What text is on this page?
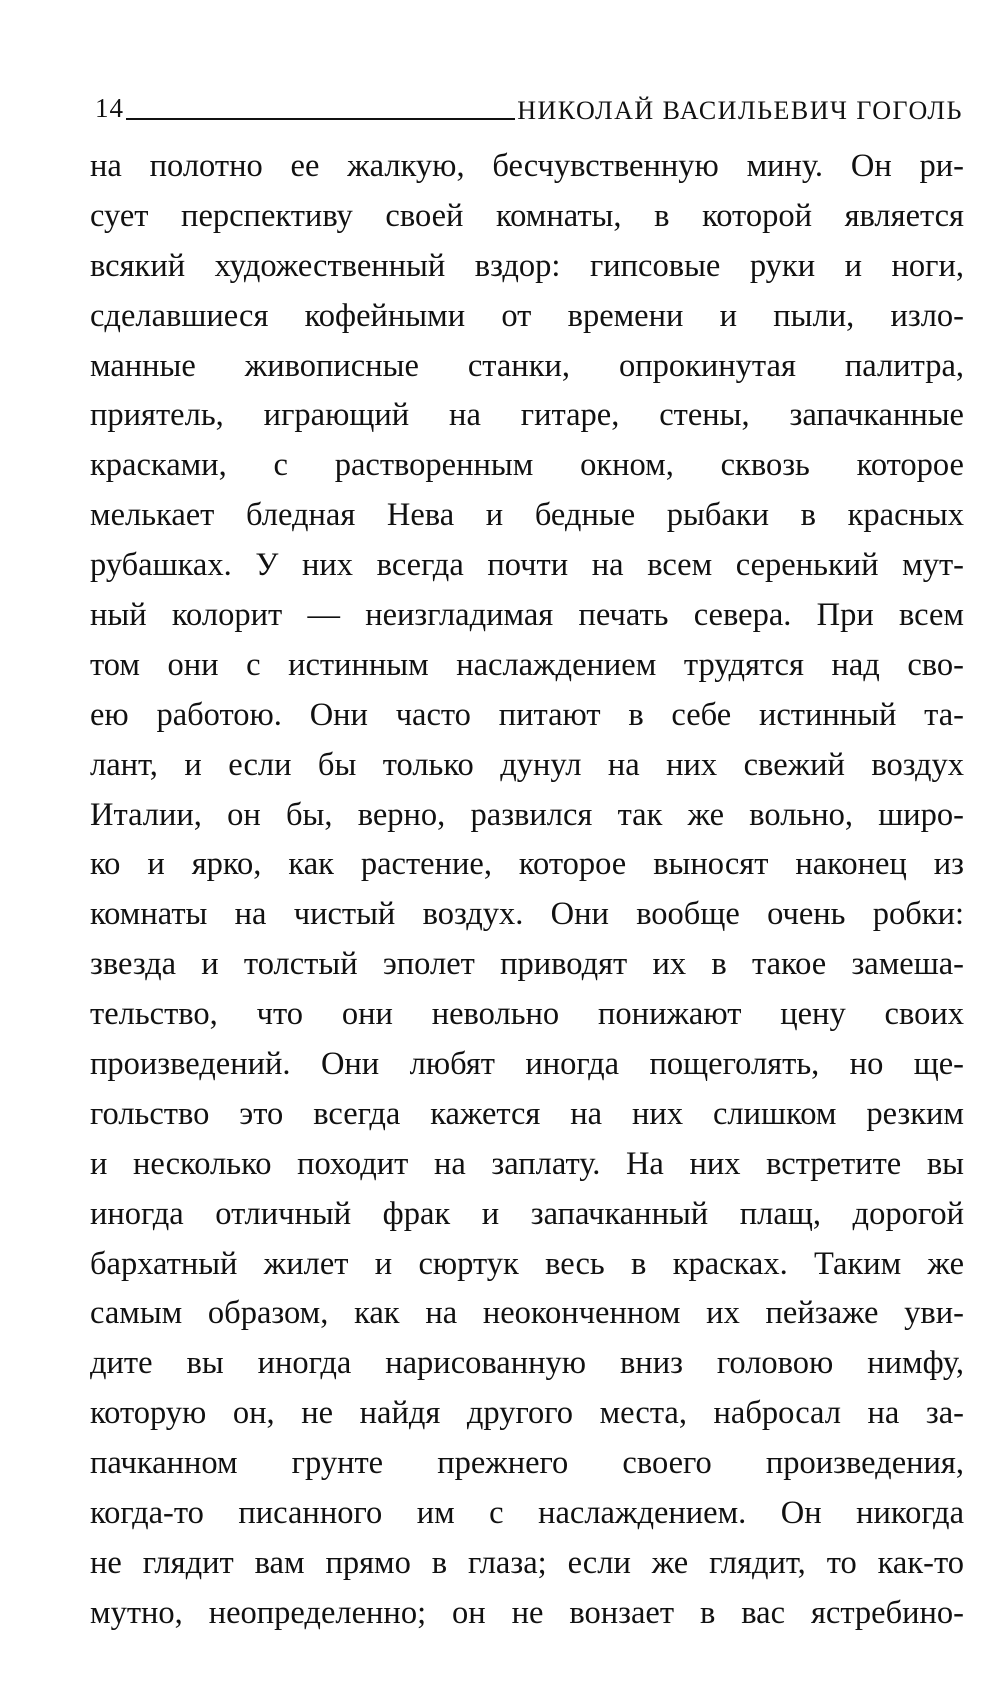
14	НИКОЛАЙ ВАСИЛЬЕВИЧ ГОГОЛЬ
на полотно ее жалкую, бесчувственную мину. Он ри-
сует перспективу своей комнаты, в которой является
всякий художественный вздор: гипсовые руки и ноги,
сделавшиеся кофейными от времени и пыли, изло-
манные живописные станки, опрокинутая палитра,
приятель, играющий на гитаре, стены, запачканные
красками, с растворенным окном, сквозь которое
мелькает бледная Нева и бедные рыбаки в красных
рубашках. У них всегда почти на всем серенький мут-
ный колорит — неизгладимая печать севера. При всем
том они с истинным наслаждением трудятся над сво-
ею работою. Они часто питают в себе истинный та-
лант, и если бы только дунул на них свежий воздух
Италии, он бы, верно, развился так же вольно, широ-
ко и ярко, как растение, которое выносят наконец из
комнаты на чистый воздух. Они вообще очень робки:
звезда и толстый эполет приводят их в такое замеша-
тельство, что они невольно понижают цену своих
произведений. Они любят иногда пощеголять, но ще-
гольство это всегда кажется на них слишком резким
и несколько походит на заплату. На них встретите вы
иногда отличный фрак и запачканный плащ, дорогой
бархатный жилет и сюртук весь в красках. Таким же
самым образом, как на неоконченном их пейзаже уви-
дите вы иногда нарисованную вниз головою нимфу,
которую он, не найдя другого места, набросал на за-
пачканном грунте прежнего своего произведения,
когда-то писанного им с наслаждением. Он никогда
не глядит вам прямо в глаза; если же глядит, то как-то
мутно, неопределенно; он не вонзает в вас ястребино-
